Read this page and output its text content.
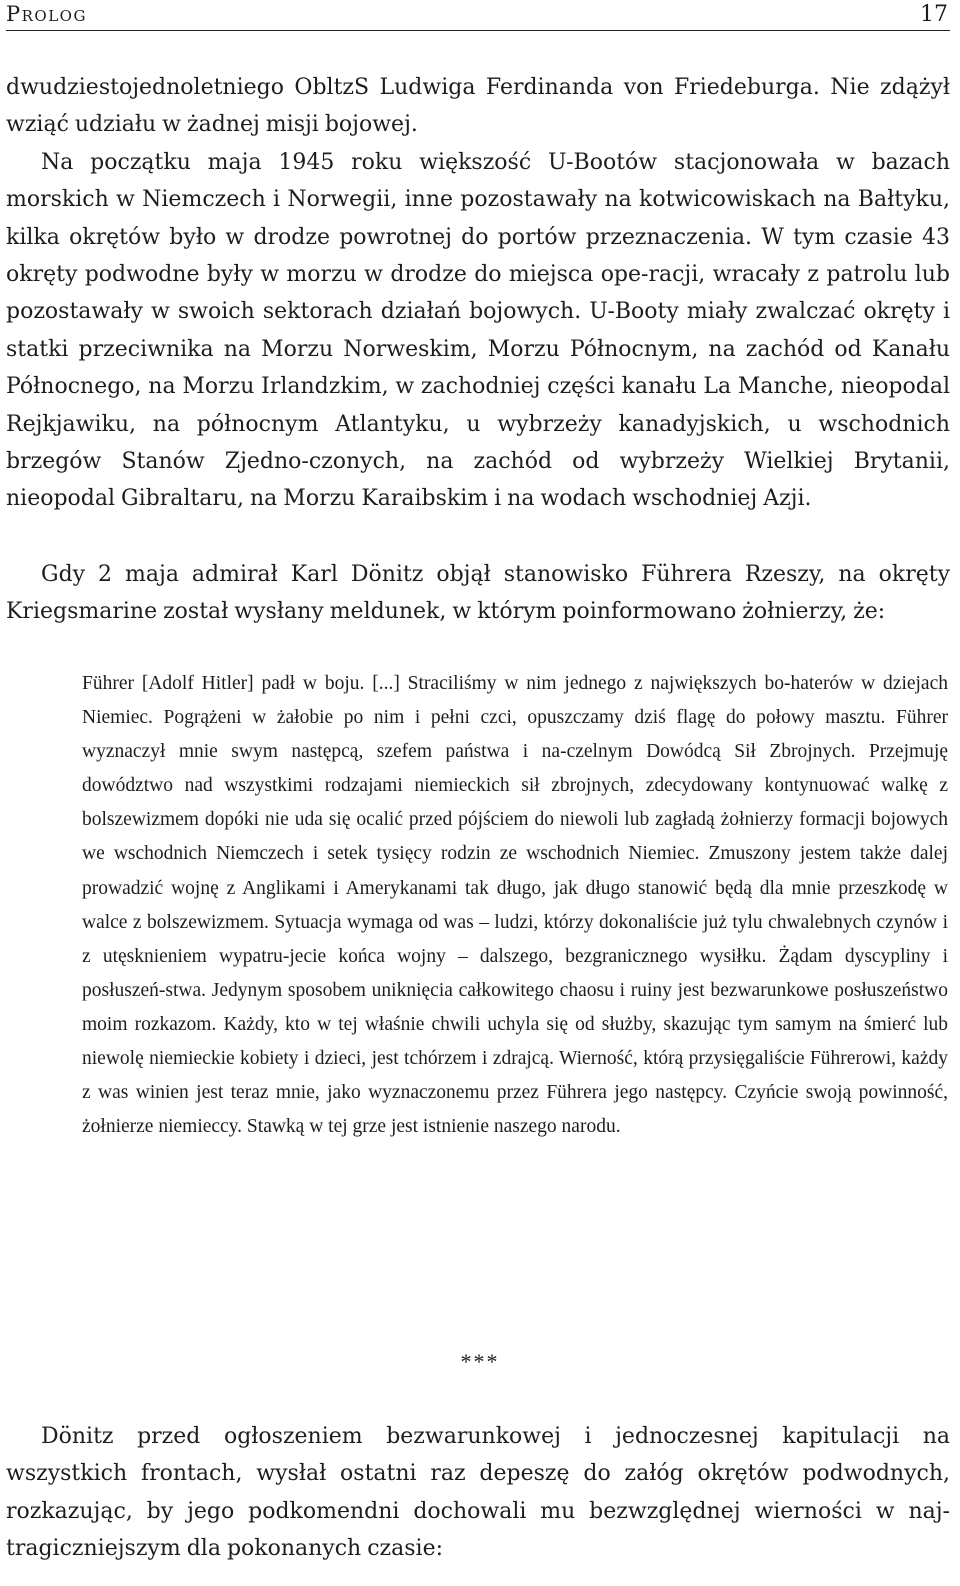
Prolog	17
dwudziestojednoletniego ObltzS Ludwiga Ferdinanda von Friedeburga. Nie zdążył wziąć udziału w żadnej misji bojowej.
Na początku maja 1945 roku większość U-Bootów stacjonowała w bazach morskich w Niemczech i Norwegii, inne pozostawały na kotwicowiskach na Bałtyku, kilka okrętów było w drodze powrotnej do portów przeznaczenia. W tym czasie 43 okręty podwodne były w morzu w drodze do miejsca ope-racji, wracały z patrolu lub pozostawały w swoich sektorach działań bojowych. U-Booty miały zwalczać okręty i statki przeciwnika na Morzu Norweskim, Morzu Północnym, na zachód od Kanału Północnego, na Morzu Irlandzkim, w zachodniej części kanału La Manche, nieopodal Rejkjawiku, na północnym Atlantyku, u wybrzeży kanadyjskich, u wschodnich brzegów Stanów Zjedno-czonych, na zachód od wybrzeży Wielkiej Brytanii, nieopodal Gibraltaru, na Morzu Karaibskim i na wodach wschodniej Azji.

Gdy 2 maja admirał Karl Dönitz objął stanowisko Führera Rzeszy, na okręty Kriegsmarine został wysłany meldunek, w którym poinformowano żołnierzy, że:

Führer [Adolf Hitler] padł w boju. [...] Straciliśmy w nim jednego z największych bo-haterów w dziejach Niemiec. Pogrążeni w żałobie po nim i pełni czci, opuszczamy dziś flagę do połowy masztu. Führer wyznaczył mnie swym następcą, szefem państwa i na-czelnym Dowódcą Sił Zbrojnych. Przejmuję dowództwo nad wszystkimi rodzajami niemieckich sił zbrojnych, zdecydowany kontynuować walkę z bolszewizmem dopóki nie uda się ocalić przed pójściem do niewoli lub zagładą żołnierzy formacji bojowych we wschodnich Niemczech i setek tysięcy rodzin ze wschodnich Niemiec. Zmuszony jestem także dalej prowadzić wojnę z Anglikami i Amerykanami tak długo, jak długo stanowić będą dla mnie przeszkodę w walce z bolszewizmem. Sytuacja wymaga od was – ludzi, którzy dokonaliście już tylu chwalebnych czynów i z utęsknieniem wypatru-jecie końca wojny – dalszego, bezgranicznego wysiłku. Żądam dyscypliny i posłuszeń-stwa. Jedynym sposobem uniknięcia całkowitego chaosu i ruiny jest bezwarunkowe posłuszeństwo moim rozkazom. Każdy, kto w tej właśnie chwili uchyla się od służby, skazując tym samym na śmierć lub niewolę niemieckie kobiety i dzieci, jest tchórzem i zdrajcą. Wierność, którą przysięgaliście Führerowi, każdy z was winien jest teraz mnie, jako wyznaczonemu przez Führera jego następcy. Czyńcie swoją powinność, żołnierze niemieccy. Stawką w tej grze jest istnienie naszego narodu.

***

Dönitz przed ogłoszeniem bezwarunkowej i jednoczesnej kapitulacji na wszystkich frontach, wysłał ostatni raz depeszę do załóg okrętów podwodnych, rozkazując, by jego podkomendni dochowali mu bezwzględnej wierności w naj-tragiczniejszym dla pokonanych czasie:
